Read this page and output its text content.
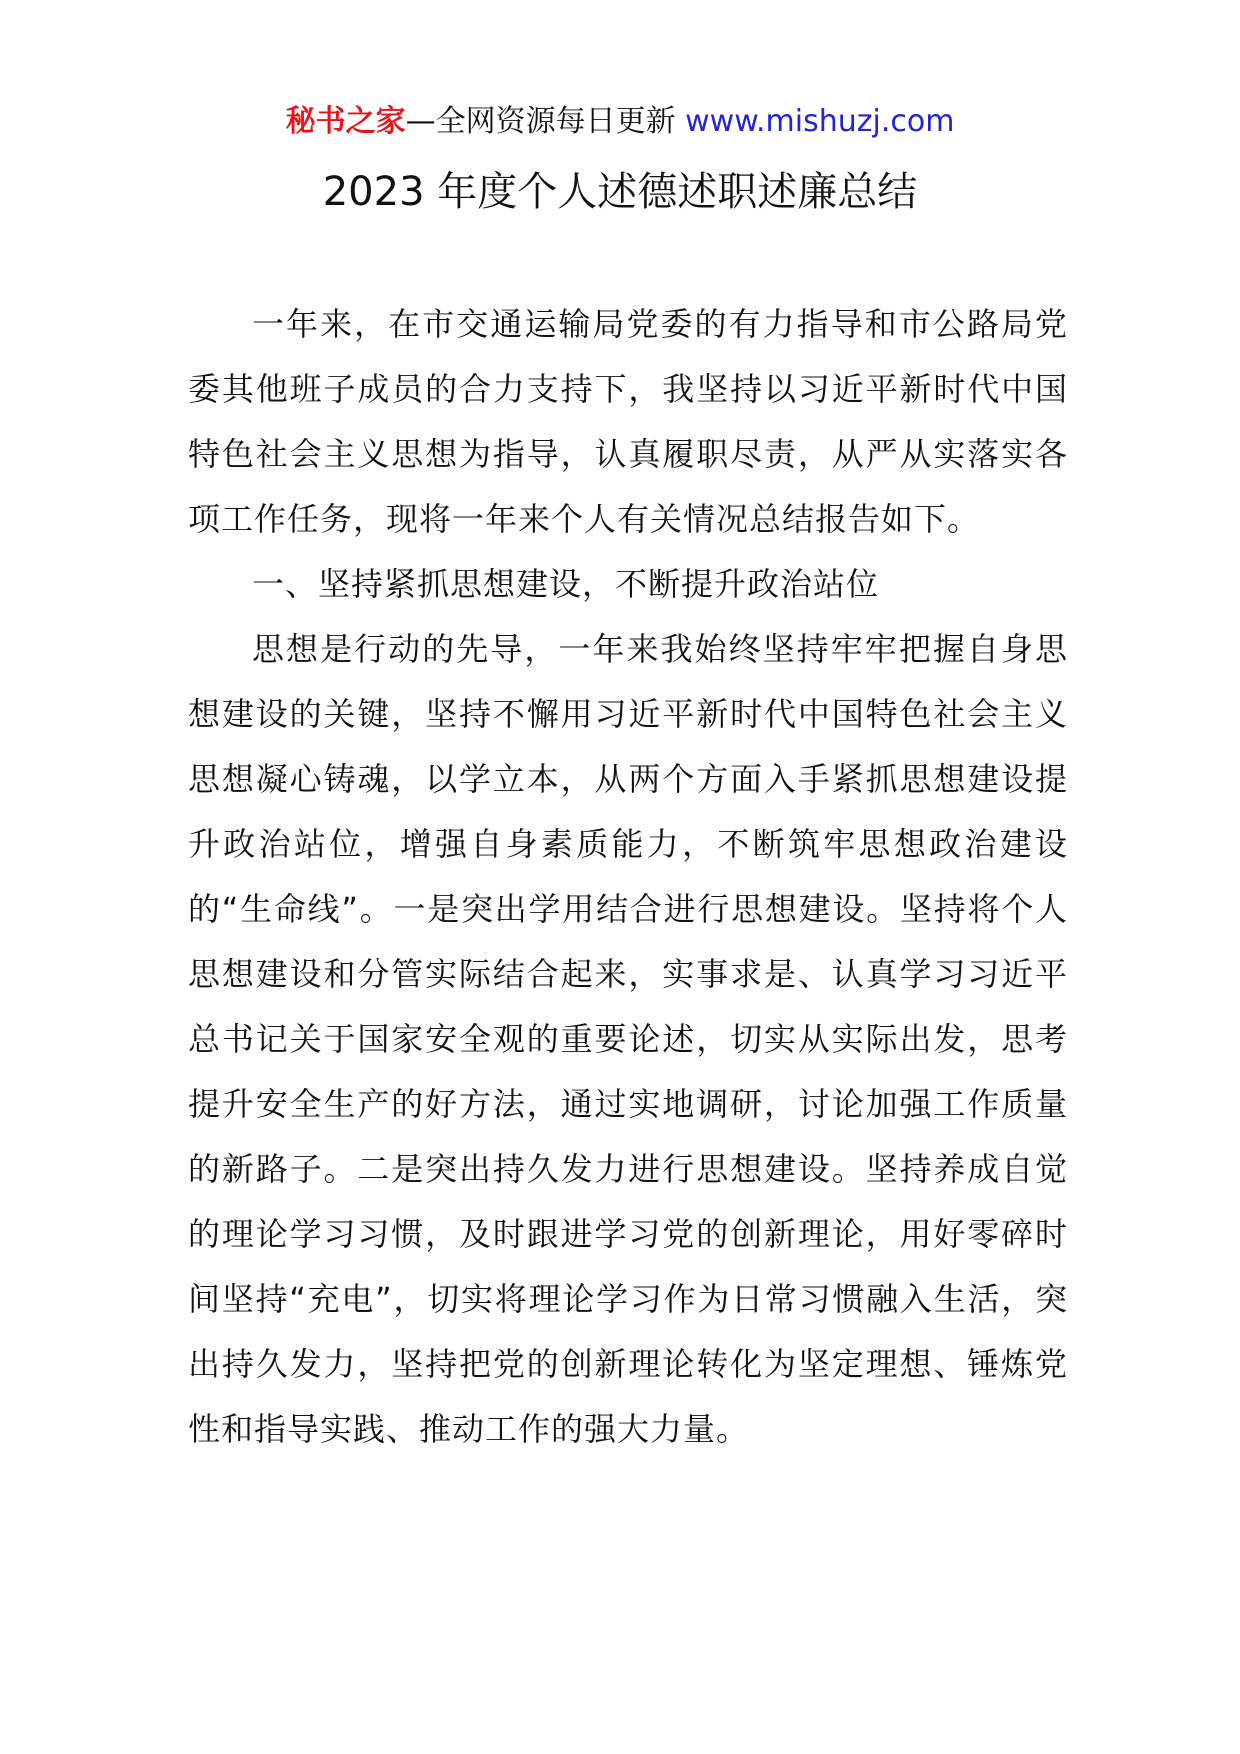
秘书之家—全网资源每日更新 www.mishuzj.com
2023 年度个人述德述职述廉总结

一年来，在市交通运输局党委的有力指导和市公路局党委其他班子成员的合力支持下，我坚持以习近平新时代中国特色社会主义思想为指导，认真履职尽责，从严从实落实各项工作任务，现将一年来个人有关情况总结报告如下。

一、坚持紧抓思想建设，不断提升政治站位

思想是行动的先导，一年来我始终坚持牢牢把握自身思想建设的关键，坚持不懈用习近平新时代中国特色社会主义思想凝心铸魂，以学立本，从两个方面入手紧抓思想建设提升政治站位，增强自身素质能力，不断筑牢思想政治建设的“生命线”。一是突出学用结合进行思想建设。坚持将个人思想建设和分管实际结合起来，实事求是、认真学习习近平总书记关于国家安全观的重要论述，切实从实际出发，思考提升安全生产的好方法，通过实地调研，讨论加强工作质量的新路子。二是突出持久发力进行思想建设。坚持养成自觉的理论学习习惯，及时跟进学习党的创新理论，用好零碎时间坚持“充电”，切实将理论学习作为日常习惯融入生活，突出持久发力，坚持把党的创新理论转化为坚定理想、锤炼党性和指导实践、推动工作的强大力量。
